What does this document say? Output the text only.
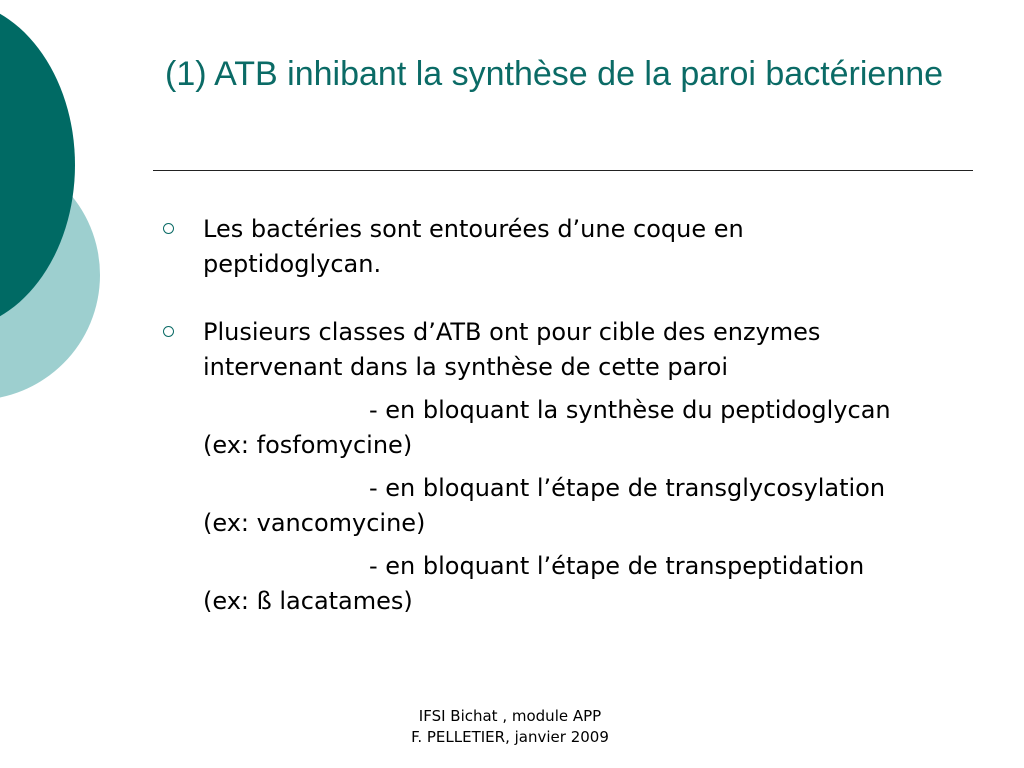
(1) ATB inhibant la synthèse de la paroi bactérienne
Les bactéries sont entourées d’une coque en peptidoglycan.
Plusieurs classes d’ATB ont pour cible des enzymes intervenant dans la synthèse de cette paroi
- en bloquant la synthèse du peptidoglycan (ex: fosfomycine)
- en bloquant l’étape de transglycosylation (ex: vancomycine)
- en bloquant l’étape de transpeptidation (ex: ß lacatames)
IFSI Bichat , module APP
F. PELLETIER, janvier 2009
